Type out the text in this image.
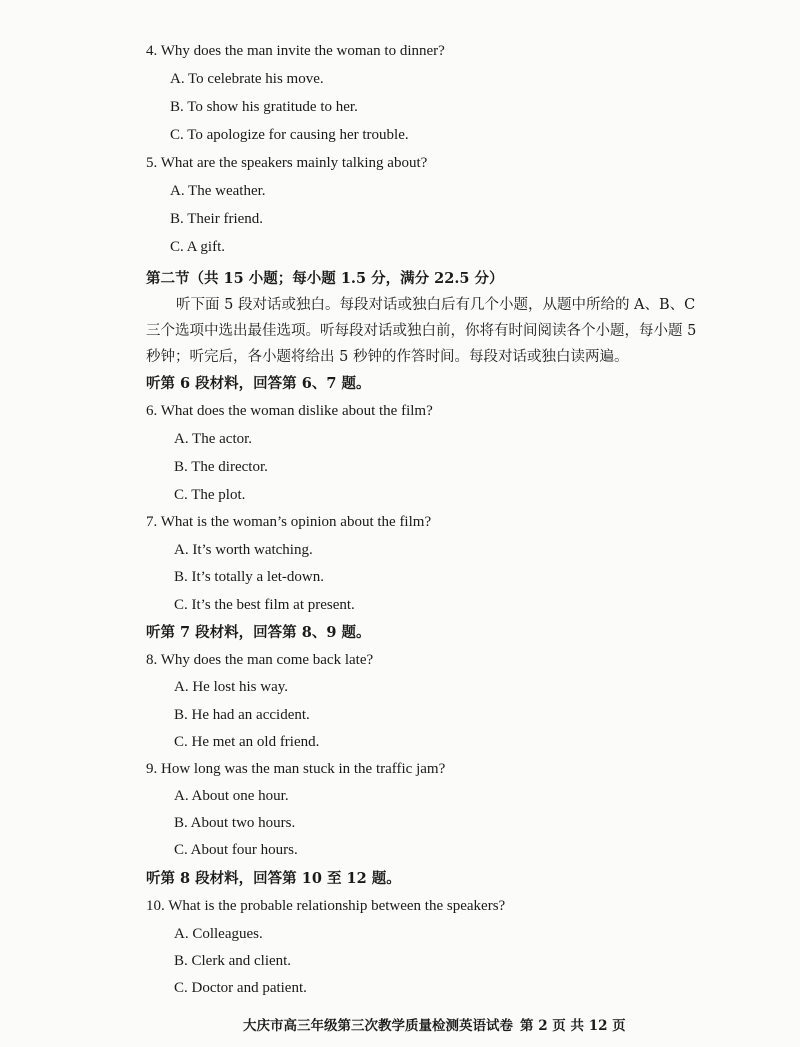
4. Why does the man invite the woman to dinner?
A. To celebrate his move.
B. To show his gratitude to her.
C. To apologize for causing her trouble.
5. What are the speakers mainly talking about?
A. The weather.
B. Their friend.
C. A gift.
第二节（共 15 小题；每小题 1.5 分，满分 22.5 分）

听下面 5 段对话或独白。每段对话或独白后有几个小题，从题中所给的 A、B、C

三个选项中选出最佳选项。听每段对话或独白前，你将有时间阅读各个小题，每小题 5

秒钟；听完后，各小题将给出 5 秒钟的作答时间。每段对话或独白读两遍。

听第 6 段材料，回答第 6、7 题。
6. What does the woman dislike about the film?
A. The actor.
B. The director.
C. The plot.
7. What is the woman’s opinion about the film?
A. It’s worth watching.
B. It’s totally a let-down.
C. It’s the best film at present.
听第 7 段材料，回答第 8、9 题。
8. Why does the man come back late?
A. He lost his way.
B. He had an accident.
C. He met an old friend.
9. How long was the man stuck in the traffic jam?
A. About one hour.
B. About two hours.
C. About four hours.
听第 8 段材料，回答第 10 至 12 题。
10. What is the probable relationship between the speakers?
A. Colleagues.
B. Clerk and client.
C. Doctor and patient.
大庆市高三年级第三次教学质量检测英语试卷 第 2 页 共 12 页
